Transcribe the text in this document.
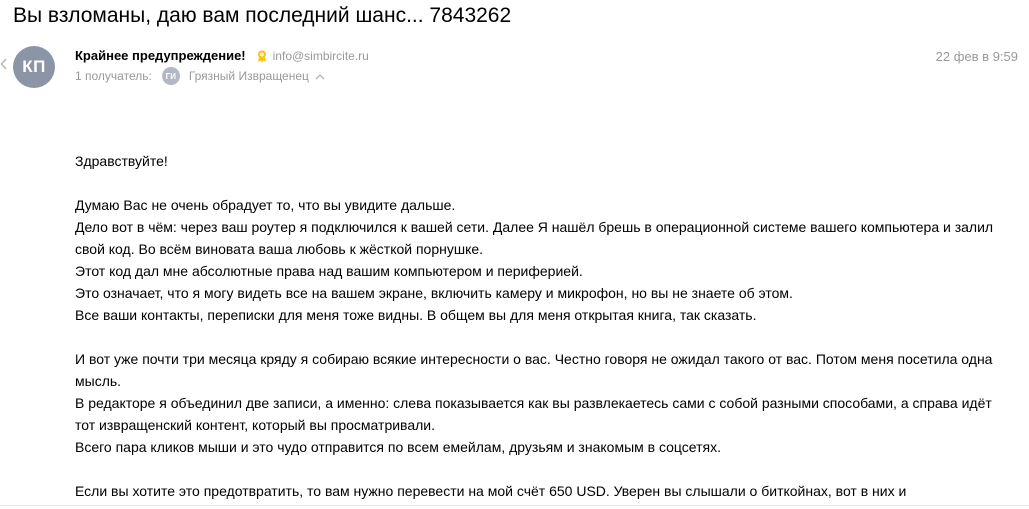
Вы взломаны, даю вам последний шанс... 7843262
КП
Крайнее предупреждение! info@simbircite.ru	22 фев в 9:59
1 получатель: ГИ Грязный Извращенец

Здравствуйте!

Думаю Вас не очень обрадует то, что вы увидите дальше.

Дело вот в чём: через ваш роутер я подключился к вашей сети. Далее Я нашёл брешь в операционной системе вашего компьютера и залил свой код. Во всём виновата ваша любовь к жёсткой порнушке.

Этот код дал мне абсолютные права над вашим компьютером и периферией.

Это означает, что я могу видеть все на вашем экране, включить камеру и микрофон, но вы не знаете об этом.

Все ваши контакты, переписки для меня тоже видны. В общем вы для меня открытая книга, так сказать.

И вот уже почти три месяца кряду я собираю всякие интересности о вас. Честно говоря не ожидал такого от вас. Потом меня посетила одна мысль.

В редакторе я объединил две записи, а именно: слева показывается как вы развлекаетесь сами с собой разными способами, а справа идёт тот извращенский контент, который вы просматривали.

Всего пара кликов мыши и это чудо отправится по всем емейлам, друзьям и знакомым в соцсетях.

Если вы хотите это предотвратить, то вам нужно перевести на мой счёт 650 USD. Уверен вы слышали о биткойнах, вот в них и
